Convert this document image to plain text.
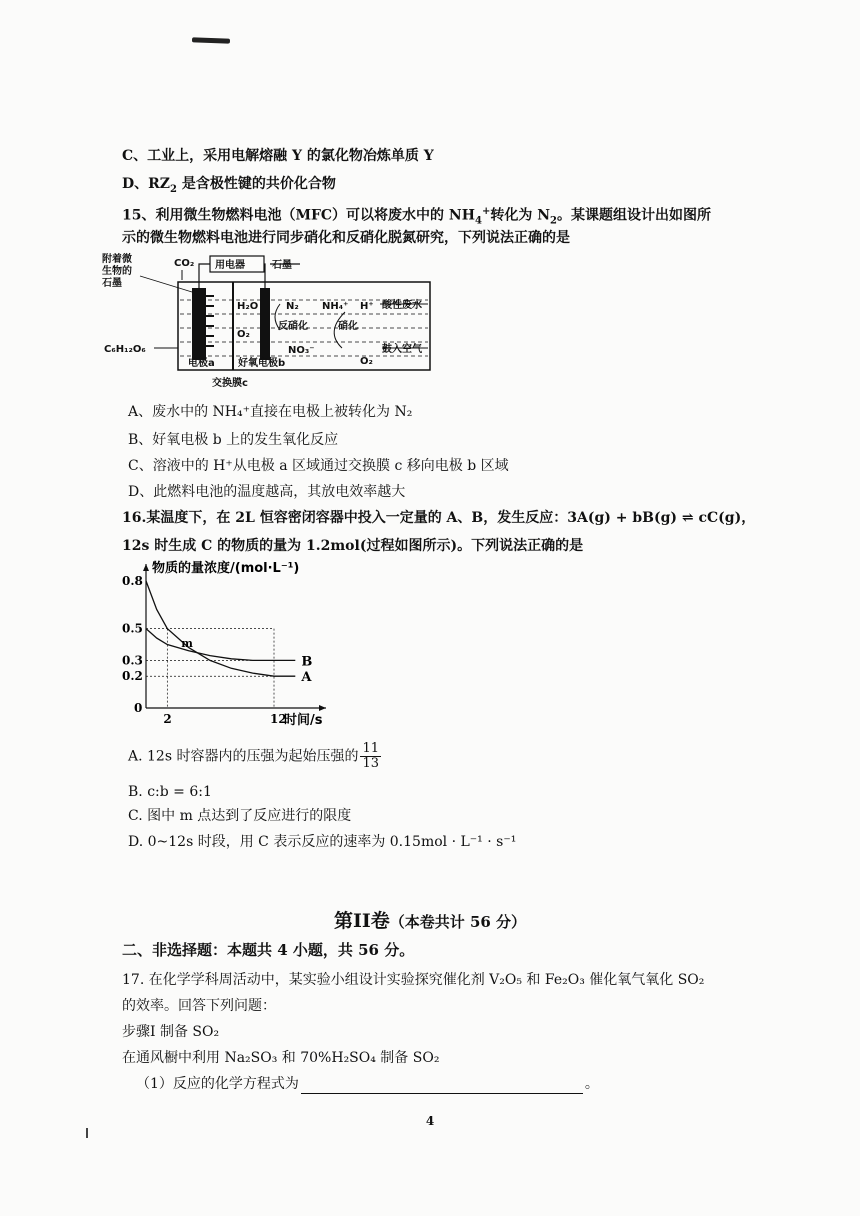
C、工业上，采用电解熔融 Y 的氯化物冶炼单质 Y
D、$RZ_2$ 是含极性键的共价化合物
15、利用微生物燃料电池（MFC）可以将废水中的 $NH_4^+$转化为 $N_2$。某课题组设计出如图所
示的微生物燃料电池进行同步硝化和反硝化脱氮研究，下列说法正确的是
用电器	石墨
CO₂
附着微
生物的
石墨
H₂O
O₂
N₂
反硝化
NO₃⁻
NH₄⁺
硝化
H⁺ 酸性废水
鼓入空气
O₂
C₆H₁₂O₆
电极a 好氧电极b
交换膜c
A、废水中的 NH₄⁺直接在电极上被转化为 N₂
B、好氧电极 b 上的发生氧化反应
C、溶液中的 H⁺从电极 a 区域通过交换膜 c 移向电极 b 区域
D、此燃料电池的温度越高，其放电效率越大
16.某温度下，在 2L 恒容密闭容器中投入一定量的 A、B，发生反应：3A(g) + bB(g) ⇌ cC(g)，
12s 时生成 C 的物质的量为 1.2mol(过程如图所示)。下列说法正确的是
物质的量浓度/(mol·L⁻¹)
时间/s
0
0.8
0.5
0.3
0.2
2	12
A
B
m
A. 12s 时容器内的压强为起始压强的 $\frac{11}{13}$
B. c:b = 6:1
C. 图中 m 点达到了反应进行的限度
D. 0~12s 时段，用 C 表示反应的速率为 0.15mol · L⁻¹ · s⁻¹
第II卷（本卷共计 56 分）
二、非选择题：本题共 4 小题，共 56 分。
17. 在化学学科周活动中，某实验小组设计实验探究催化剂 V₂O₅ 和 Fe₂O₃ 催化氧气氧化 SO₂
的效率。回答下列问题：
步骤I 制备 SO₂
在通风橱中利用 Na₂SO₃ 和 70%H₂SO₄ 制备 SO₂
（1）反应的化学方程式为	。
4
